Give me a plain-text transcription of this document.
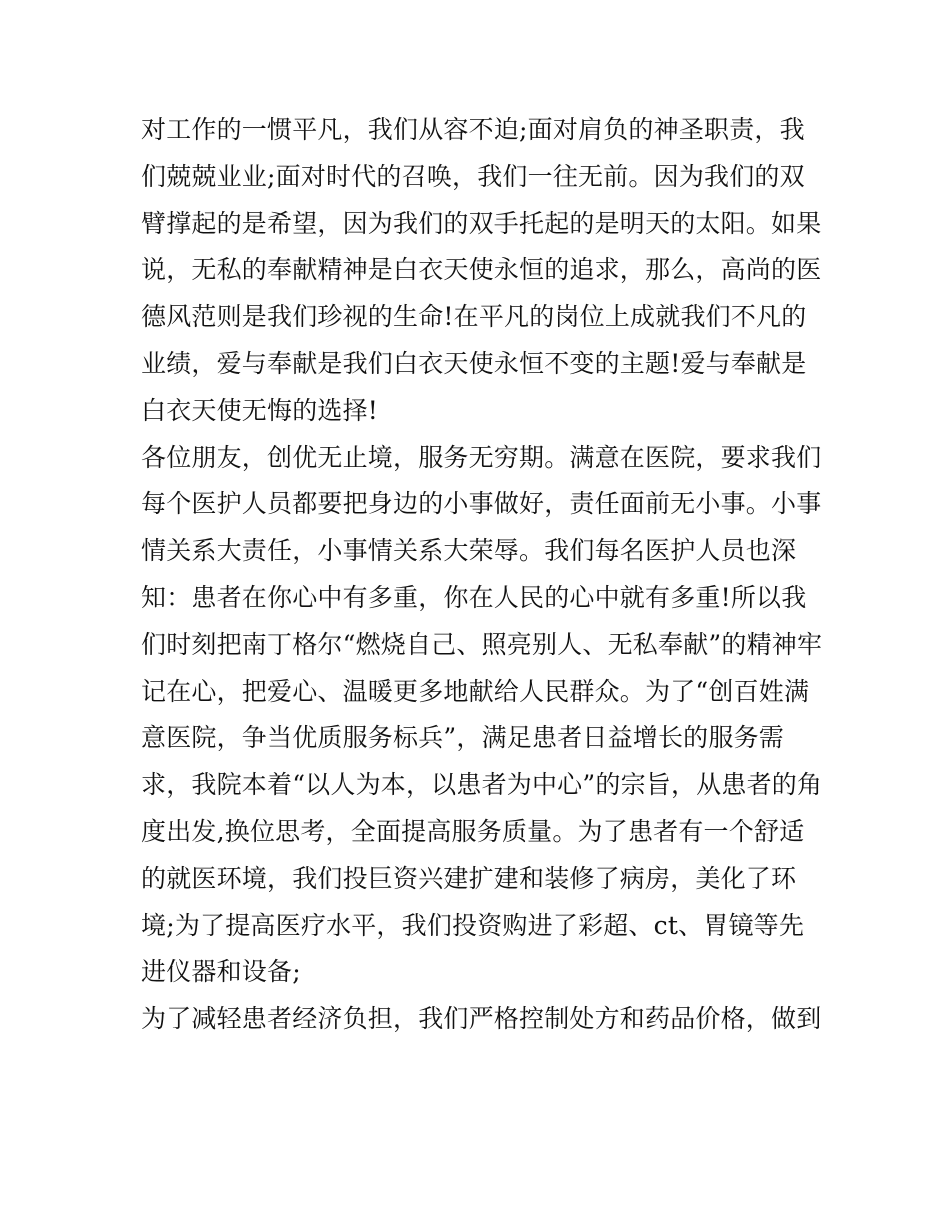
对工作的一惯平凡，我们从容不迫;面对肩负的神圣职责，我
们兢兢业业;面对时代的召唤，我们一往无前。因为我们的双
臂撑起的是希望，因为我们的双手托起的是明天的太阳。如果
说，无私的奉献精神是白衣天使永恒的追求，那么，高尚的医
德风范则是我们珍视的生命!在平凡的岗位上成就我们不凡的
业绩，爱与奉献是我们白衣天使永恒不变的主题!爱与奉献是
白衣天使无悔的选择!
各位朋友，创优无止境，服务无穷期。满意在医院，要求我们
每个医护人员都要把身边的小事做好，责任面前无小事。小事
情关系大责任，小事情关系大荣辱。我们每名医护人员也深
知：患者在你心中有多重，你在人民的心中就有多重!所以我
们时刻把南丁格尔“燃烧自己、照亮别人、无私奉献”的精神牢
记在心，把爱心、温暖更多地献给人民群众。为了“创百姓满
意医院，争当优质服务标兵”，满足患者日益增长的服务需
求，我院本着“以人为本，以患者为中心”的宗旨，从患者的角
度出发,换位思考，全面提高服务质量。为了患者有一个舒适
的就医环境，我们投巨资兴建扩建和装修了病房，美化了环
境;为了提高医疗水平，我们投资购进了彩超、ct、胃镜等先
进仪器和设备;
为了减轻患者经济负担，我们严格控制处方和药品价格，做到
